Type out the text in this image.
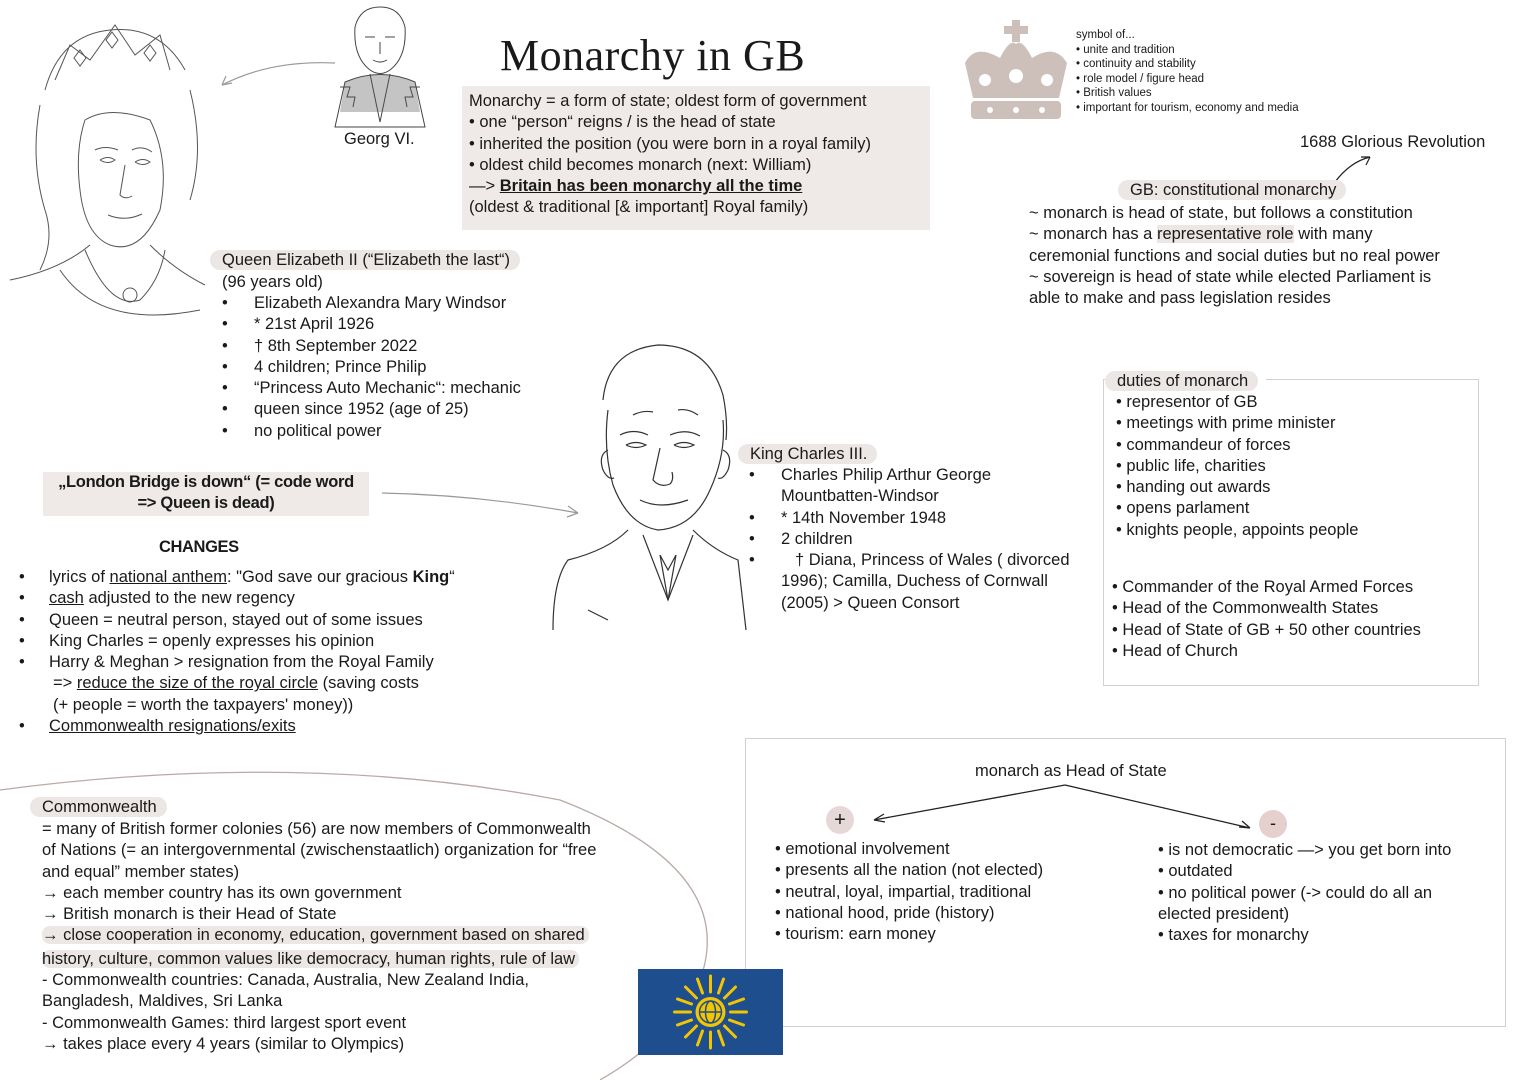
Monarchy in GB
Georg VI.
Monarchy = a form of state; oldest form of government
• one “person“ reigns / is the head of state
• inherited the position (you were born in a royal family)
• oldest child becomes monarch (next: William)
—> Britain has been monarchy all the time
(oldest & traditional [& important] Royal family)
symbol of...
• unite and tradition
• continuity and stability
• role model / figure head
• British values
• important for tourism, economy and media
1688 Glorious Revolution
GB: constitutional monarchy
~ monarch is head of state, but follows a constitution
~ monarch has a representative role with many
ceremonial functions and social duties but no real power
~ sovereign is head of state while elected Parliament is
able to make and pass legislation resides
Queen Elizabeth II (“Elizabeth the last“)
(96 years old)
• Elizabeth Alexandra Mary Windsor
• * 21st April 1926
• † 8th September 2022
• 4 children; Prince Philip
• “Princess Auto Mechanic“: mechanic
• queen since 1952 (age of 25)
• no political power
„London Bridge is down“ (= code word
=> Queen is dead)
CHANGES
• lyrics of national anthem: "God save our gracious King“
• cash adjusted to the new regency
• Queen = neutral person, stayed out of some issues
• King Charles = openly expresses his opinion
• Harry & Meghan > resignation from the Royal Family
=> reduce the size of the royal circle (saving costs
(+ people = worth the taxpayers' money))
• Commonwealth resignations/exits
King Charles III.
• Charles Philip Arthur George
Mountbatten-Windsor
• * 14th November 1948
• 2 children
• † Diana, Princess of Wales ( divorced
1996); Camilla, Duchess of Cornwall
(2005) > Queen Consort
duties of monarch
• representor of GB
• meetings with prime minister
• commandeur of forces
• public life, charities
• handing out awards
• opens parlament
• knights people, appoints people
• Commander of the Royal Armed Forces
• Head of the Commonwealth States
• Head of State of GB + 50 other countries
• Head of Church
monarch as Head of State
+	-
• emotional involvement
• presents all the nation (not elected)
• neutral, loyal, impartial, traditional
• national hood, pride (history)
• tourism: earn money
• is not democratic —> you get born into
• outdated
• no political power (-> could do all an
elected president)
• taxes for monarchy
Commonwealth
= many of British former colonies (56) are now members of Commonwealth
of Nations (= an intergovernmental (zwischenstaatlich) organization for “free
and equal” member states)
→ each member country has its own government
→ British monarch is their Head of State
→ close cooperation in economy, education, government based on shared
history, culture, common values like democracy, human rights, rule of law
- Commonwealth countries: Canada, Australia, New Zealand India,
Bangladesh, Maldives, Sri Lanka
- Commonwealth Games: third largest sport event
→ takes place every 4 years (similar to Olympics)
